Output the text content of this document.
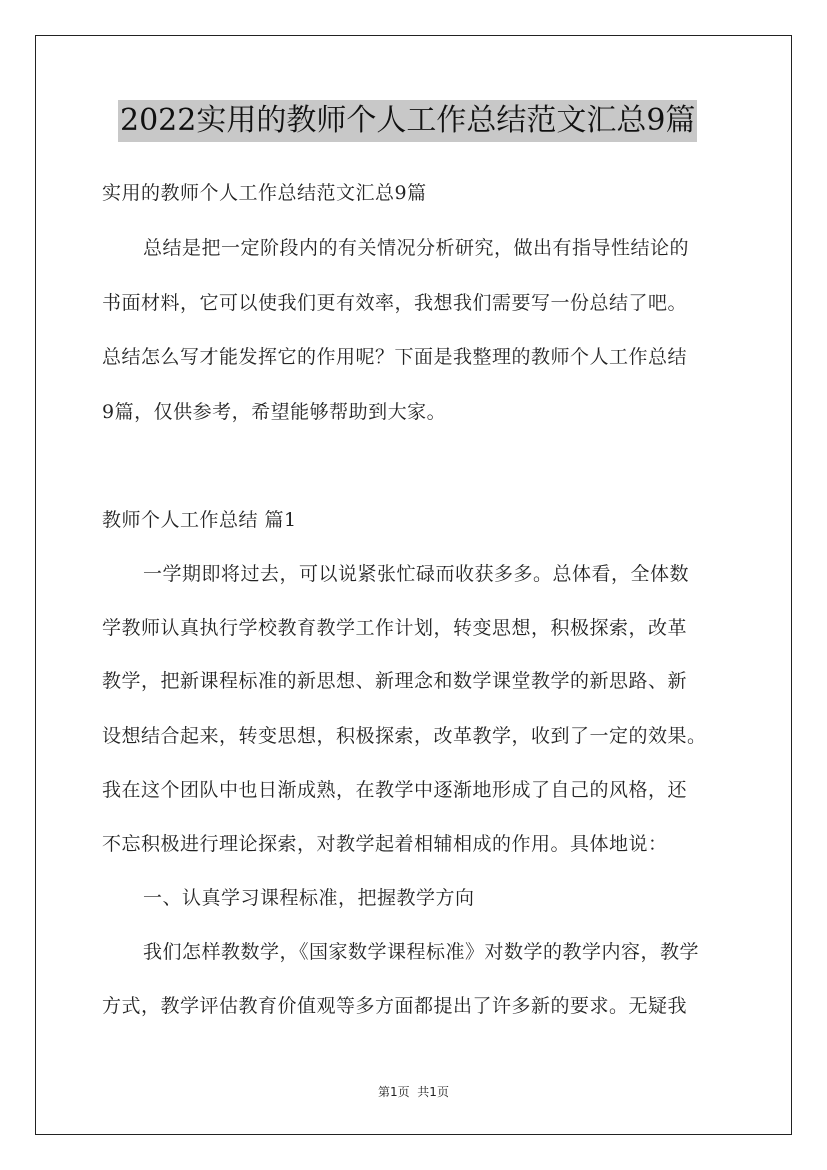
2022实用的教师个人工作总结范文汇总9篇
实用的教师个人工作总结范文汇总9篇
总结是把一定阶段内的有关情况分析研究，做出有指导性结论的
书面材料，它可以使我们更有效率，我想我们需要写一份总结了吧。
总结怎么写才能发挥它的作用呢？下面是我整理的教师个人工作总结
9篇，仅供参考，希望能够帮助到大家。
教师个人工作总结 篇1
一学期即将过去，可以说紧张忙碌而收获多多。总体看，全体数
学教师认真执行学校教育教学工作计划，转变思想，积极探索，改革
教学，把新课程标准的新思想、新理念和数学课堂教学的新思路、新
设想结合起来，转变思想，积极探索，改革教学，收到了一定的效果。
我在这个团队中也日渐成熟，在教学中逐渐地形成了自己的风格，还
不忘积极进行理论探索，对教学起着相辅相成的作用。具体地说：
一、认真学习课程标准，把握教学方向
我们怎样教数学，《国家数学课程标准》对数学的教学内容，教学
方式，教学评估教育价值观等多方面都提出了许多新的要求。无疑我
第1页  共1页
